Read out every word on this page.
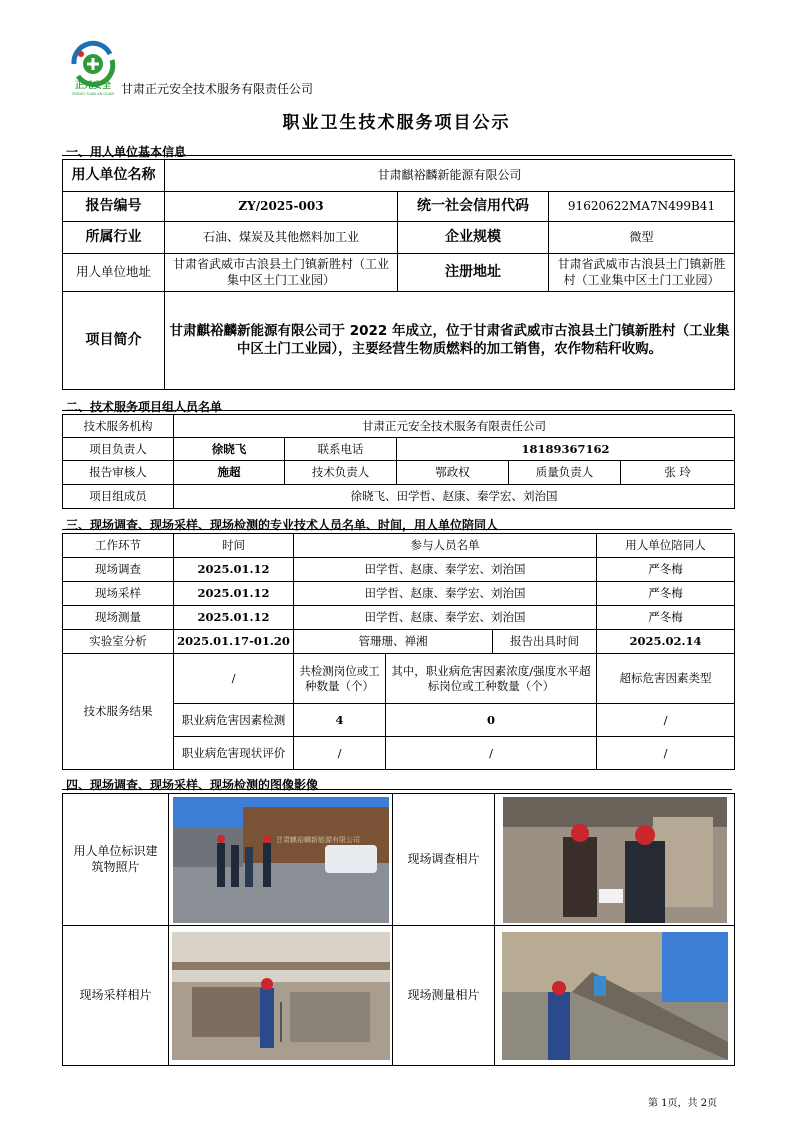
正元安全
ZHENG YUAN AN QUAN 甘肃正元安全技术服务有限责任公司
职业卫生技术服务项目公示
一、用人单位基本信息
用人单位名称	甘肃麒裕麟新能源有限公司		
报告编号	ZY/2025-003	统一社会信用代码	91620622MA7N499B41
所属行业	石油、煤炭及其他燃料加工业	企业规模	微型
用人单位地址	甘肃省武威市古浪县土门镇新胜村（工业集中区土门工业园）	注册地址	甘肃省武威市古浪县土门镇新胜村（工业集中区土门工业园）
项目简介	甘肃麒裕麟新能源有限公司于 2022 年成立，位于甘肃省武威市古浪县土门镇新胜村（工业集中区土门工业园），主要经营生物质燃料的加工销售，农作物秸秆收购。		
二、技术服务项目组人员名单
技术服务机构	甘肃正元安全技术服务有限责任公司				
项目负责人	徐晓飞	联系电话	18189367162		
报告审核人	施超	技术负责人	鄂政权	质量负责人	张 玲
项目组成员	徐晓飞、田学哲、赵康、秦学宏、刘治国				
三、现场调查、现场采样、现场检测的专业技术人员名单、时间，用人单位陪同人
工作环节	时间	参与人员名单			用人单位陪同人
现场调查	2025.01.12	田学哲、赵康、秦学宏、刘治国			严冬梅
现场采样	2025.01.12	田学哲、赵康、秦学宏、刘治国			严冬梅
现场测量	2025.01.12	田学哲、赵康、秦学宏、刘治国			严冬梅
实验室分析	2025.01.17-01.20	管珊珊、禅湘		报告出具时间	2025.02.14
技术服务结果	/	共检测岗位或工种数量（个）	其中，职业病危害因素浓度/强度水平超标岗位或工种数量（个）		超标危害因素类型
	职业病危害因素检测	4	0		/
	职业病危害现状评价	/	/		/
四、现场调查、现场采样、现场检测的图像影像
用人单位标识建筑物照片	甘肃麒裕麟新能源有限公司	现场调查相片	

现场采样相片		现场测量相片	
第 1页，共 2页
